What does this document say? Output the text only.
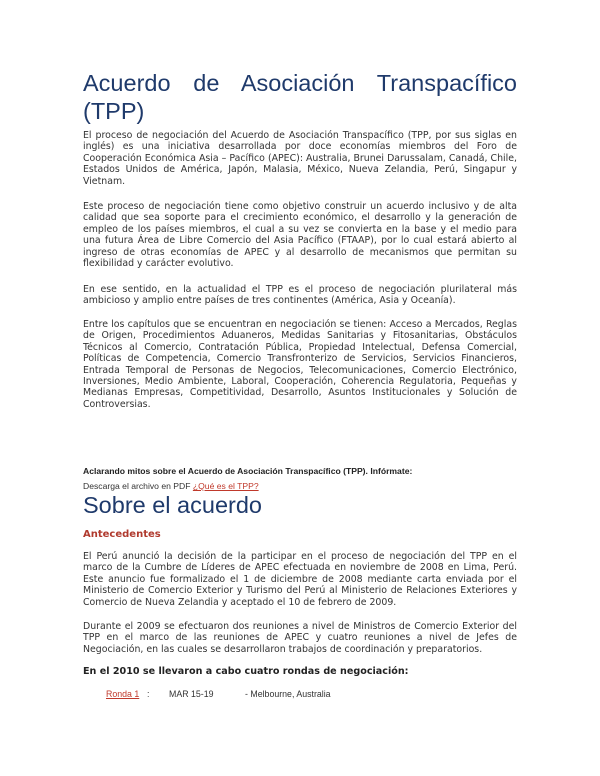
Acuerdo de Asociación Transpacífico
(TPP)

El proceso de negociación del Acuerdo de Asociación Transpacífico (TPP, por sus siglas en inglés) es una iniciativa desarrollada por doce economías miembros del Foro de Cooperación Económica Asia – Pacífico (APEC): Australia, Brunei Darussalam, Canadá, Chile, Estados Unidos de América, Japón, Malasia, México, Nueva Zelandia, Perú, Singapur y Vietnam.

Este proceso de negociación tiene como objetivo construir un acuerdo inclusivo y de alta calidad que sea soporte para el crecimiento económico, el desarrollo y la generación de empleo de los países miembros, el cual a su vez se convierta en la base y el medio para una futura Área de Libre Comercio del Asia Pacífico (FTAAP), por lo cual estará abierto al ingreso de otras economías de APEC y al desarrollo de mecanismos que permitan su flexibilidad y carácter evolutivo.

En ese sentido, en la actualidad el TPP es el proceso de negociación plurilateral más ambicioso y amplio entre países de tres continentes (América, Asia y Oceanía).

Entre los capítulos que se encuentran en negociación se tienen: Acceso a Mercados, Reglas de Origen, Procedimientos Aduaneros, Medidas Sanitarias y Fitosanitarias, Obstáculos Técnicos al Comercio, Contratación Pública, Propiedad Intelectual, Defensa Comercial, Políticas de Competencia, Comercio Transfronterizo de Servicios, Servicios Financieros, Entrada Temporal de Personas de Negocios, Telecomunicaciones, Comercio Electrónico, Inversiones, Medio Ambiente, Laboral, Cooperación, Coherencia Regulatoria, Pequeñas y Medianas Empresas, Competitividad, Desarrollo, Asuntos Institucionales y Solución de Controversias.

Aclarando mitos sobre el Acuerdo de Asociación Transpacífico (TPP). Infórmate:

Descarga el archivo en PDF ¿Qué es el TPP?

Sobre el acuerdo
Antecedentes

El Perú anunció la decisión de la participar en el proceso de negociación del TPP en el marco de la Cumbre de Líderes de APEC efectuada en noviembre de 2008 en Lima, Perú. Este anuncio fue formalizado el 1 de diciembre de 2008 mediante carta enviada por el Ministerio de Comercio Exterior y Turismo del Perú al Ministerio de Relaciones Exteriores y Comercio de Nueva Zelandia y aceptado el 10 de febrero de 2009.

Durante el 2009 se efectuaron dos reuniones a nivel de Ministros de Comercio Exterior del TPP en el marco de las reuniones de APEC y cuatro reuniones a nivel de Jefes de Negociación, en las cuales se desarrollaron trabajos de coordinación y preparatorios.

En el 2010 se llevaron a cabo cuatro rondas de negociación:

Ronda 1 : MAR 15-19	- Melbourne, Australia
